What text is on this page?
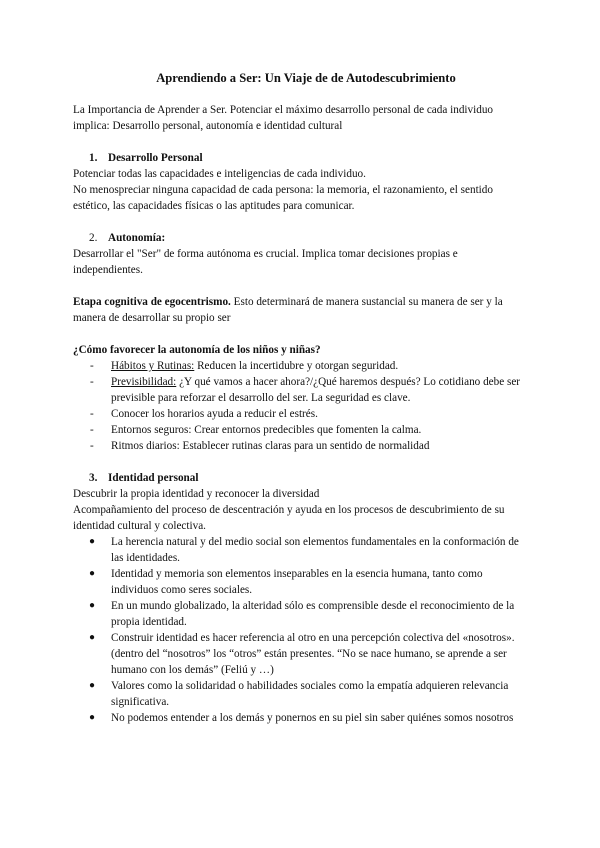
Aprendiendo a Ser: Un Viaje de de Autodescubrimiento

La Importancia de Aprender a Ser. Potenciar el máximo desarrollo personal de cada individuo implica: Desarrollo personal, autonomía e identidad cultural

1. Desarrollo Personal

Potenciar todas las capacidades e inteligencias de cada individuo.

No menospreciar ninguna capacidad de cada persona: la memoria, el razonamiento, el sentido estético, las capacidades físicas o las aptitudes para comunicar.

2. Autonomía:

Desarrollar el "Ser" de forma autónoma es crucial. Implica tomar decisiones propias e independientes.

Etapa cognitiva de egocentrismo. Esto determinará de manera sustancial su manera de ser y la manera de desarrollar su propio ser

¿Cómo favorecer la autonomía de los niños y niñas?

- Hábitos y Rutinas: Reducen la incertidubre y otorgan seguridad.
- Previsibilidad: ¿Y qué vamos a hacer ahora?/¿Qué haremos después? Lo cotidiano debe ser previsible para reforzar el desarrollo del ser. La seguridad es clave.
- Conocer los horarios ayuda a reducir el estrés.
- Entornos seguros: Crear entornos predecibles que fomenten la calma.
- Ritmos diarios: Establecer rutinas claras para un sentido de normalidad
3. Identidad personal

Descubrir la propia identidad y reconocer la diversidad

Acompañamiento del proceso de descentración y ayuda en los procesos de descubrimiento de su identidad cultural y colectiva.

● La herencia natural y del medio social son elementos fundamentales en la conformación de las identidades.
● Identidad y memoria son elementos inseparables en la esencia humana, tanto como individuos como seres sociales.
● En un mundo globalizado, la alteridad sólo es comprensible desde el reconocimiento de la propia identidad.
● Construir identidad es hacer referencia al otro en una percepción colectiva del «nosotros». (dentro del “nosotros” los “otros” están presentes. “No se nace humano, se aprende a ser humano con los demás” (Feliú y …)
● Valores como la solidaridad o habilidades sociales como la empatía adquieren relevancia significativa.
● No podemos entender a los demás y ponernos en su piel sin saber quiénes somos nosotros
